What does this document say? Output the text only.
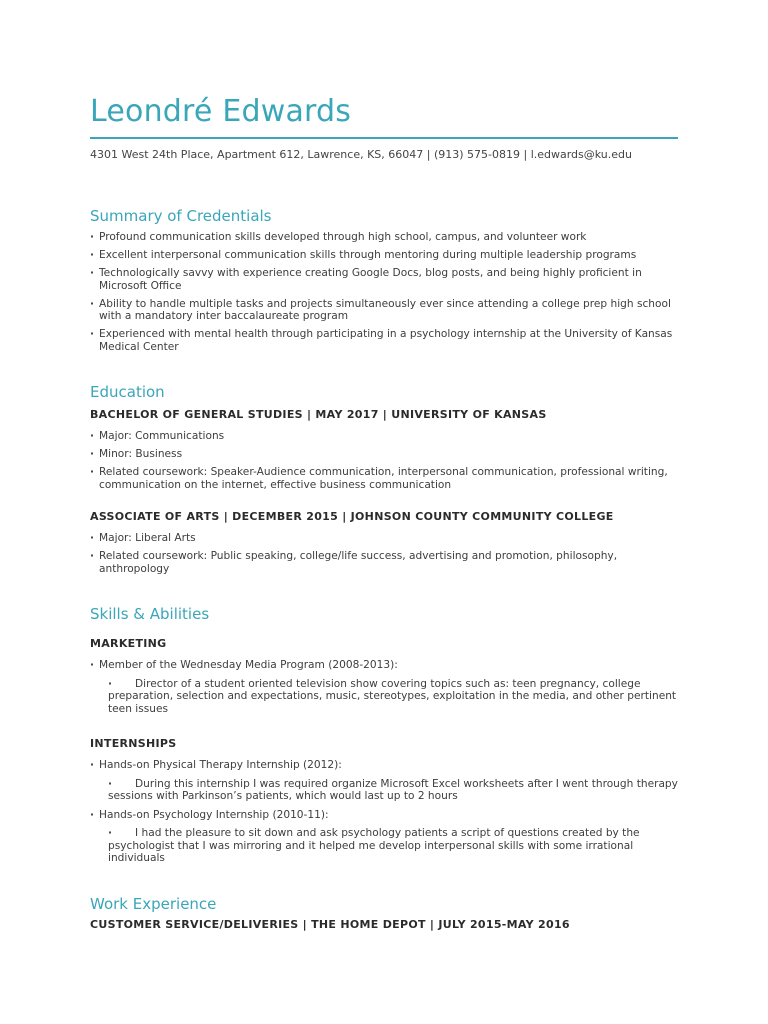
Leondré Edwards
4301 West 24th Place, Apartment 612, Lawrence, KS, 66047 | (913) 575-0819 | l.edwards@ku.edu
Summary of Credentials
· Profound communication skills developed through high school, campus, and volunteer work
· Excellent interpersonal communication skills through mentoring during multiple leadership programs
· Technologically savvy with experience creating Google Docs, blog posts, and being highly proficient in Microsoft Office
· Ability to handle multiple tasks and projects simultaneously ever since attending a college prep high school with a mandatory inter baccalaureate program
· Experienced with mental health through participating in a psychology internship at the University of Kansas Medical Center
Education
BACHELOR OF GENERAL STUDIES | MAY 2017 | UNIVERSITY OF KANSAS
· Major: Communications
· Minor: Business
· Related coursework: Speaker-Audience communication, interpersonal communication, professional writing, communication on the internet, effective business communication
ASSOCIATE OF ARTS | DECEMBER 2015 | JOHNSON COUNTY COMMUNITY COLLEGE
· Major: Liberal Arts
· Related coursework: Public speaking, college/life success, advertising and promotion, philosophy, anthropology
Skills & Abilities
MARKETING
· Member of the Wednesday Media Program (2008-2013):
· Director of a student oriented television show covering topics such as: teen pregnancy, college preparation, selection and expectations, music, stereotypes, exploitation in the media, and other pertinent teen issues
INTERNSHIPS
· Hands-on Physical Therapy Internship (2012):
· During this internship I was required organize Microsoft Excel worksheets after I went through therapy sessions with Parkinson’s patients, which would last up to 2 hours
· Hands-on Psychology Internship (2010-11):
· I had the pleasure to sit down and ask psychology patients a script of questions created by the psychologist that I was mirroring and it helped me develop interpersonal skills with some irrational individuals
Work Experience
CUSTOMER SERVICE/DELIVERIES | THE HOME DEPOT | JULY 2015-MAY 2016
